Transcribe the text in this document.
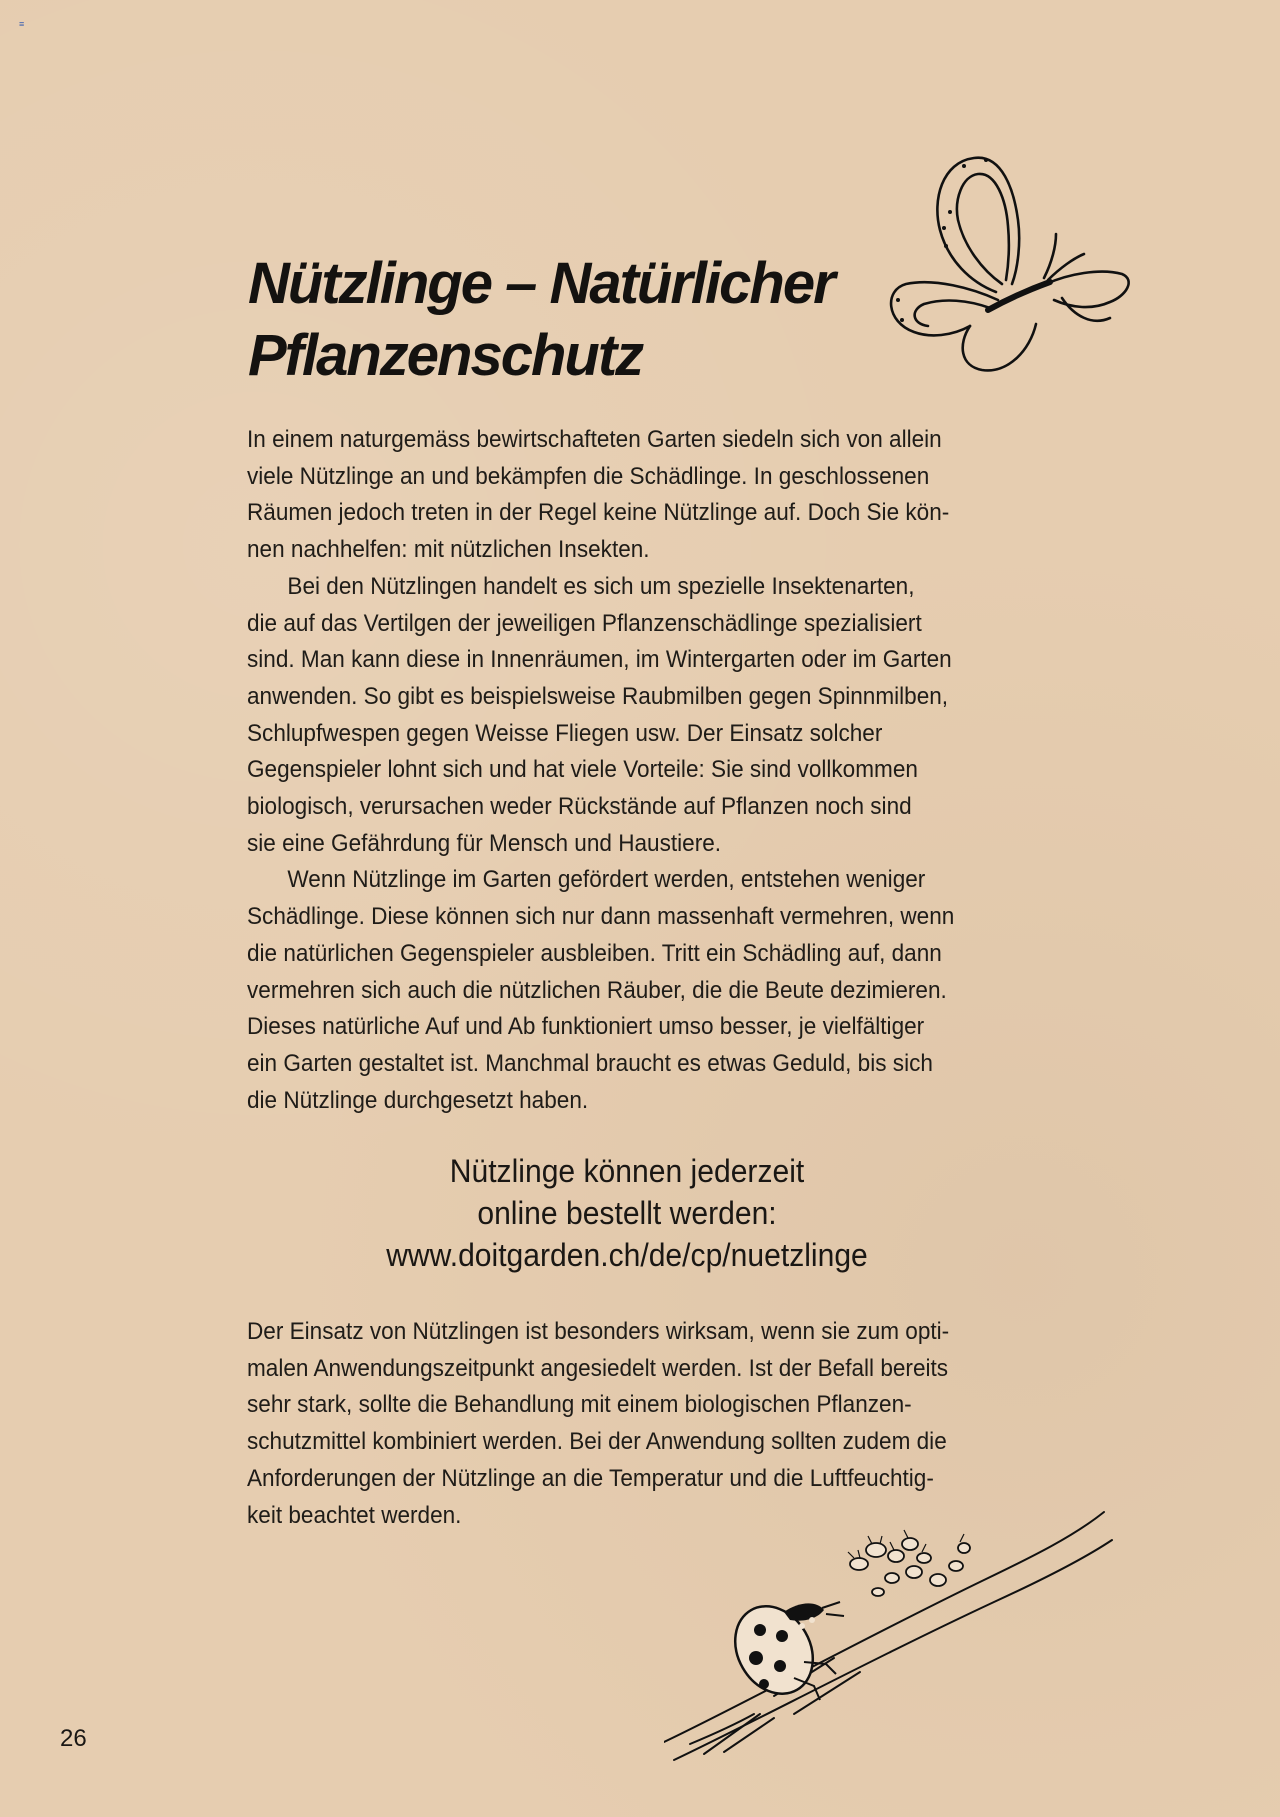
≡
Nützlinge – Natürlicher
Pflanzenschutz

In einem naturgemäss bewirtschafteten Garten siedeln sich von allein
viele Nützlinge an und bekämpfen die Schädlinge. In geschlossenen
Räumen jedoch treten in der Regel keine Nützlinge auf. Doch Sie kön-
nen nachhelfen: mit nützlichen Insekten.

Bei den Nützlingen handelt es sich um spezielle Insektenarten,
die auf das Vertilgen der jeweiligen Pflanzenschädlinge spezialisiert
sind. Man kann diese in Innenräumen, im Wintergarten oder im Garten
anwenden. So gibt es beispielsweise Raubmilben gegen Spinnmilben,
Schlupfwespen gegen Weisse Fliegen usw. Der Einsatz solcher
Gegenspieler lohnt sich und hat viele Vorteile: Sie sind vollkommen
biologisch, verursachen weder Rückstände auf Pflanzen noch sind
sie eine Gefährdung für Mensch und Haustiere.

Wenn Nützlinge im Garten gefördert werden, entstehen weniger
Schädlinge. Diese können sich nur dann massenhaft vermehren, wenn
die natürlichen Gegenspieler ausbleiben. Tritt ein Schädling auf, dann
vermehren sich auch die nützlichen Räuber, die die Beute dezimieren.
Dieses natürliche Auf und Ab funktioniert umso besser, je vielfältiger
ein Garten gestaltet ist. Manchmal braucht es etwas Geduld, bis sich
die Nützlinge durchgesetzt haben.

Nützlinge können jederzeit
online bestellt werden:
www.doitgarden.ch/de/cp/nuetzlinge

Der Einsatz von Nützlingen ist besonders wirksam, wenn sie zum opti-
malen Anwendungszeitpunkt angesiedelt werden. Ist der Befall bereits
sehr stark, sollte die Behandlung mit einem biologischen Pflanzen-
schutzmittel kombiniert werden. Bei der Anwendung sollten zudem die
Anforderungen der Nützlinge an die Temperatur und die Luftfeuchtig-
keit beachtet werden.

26
